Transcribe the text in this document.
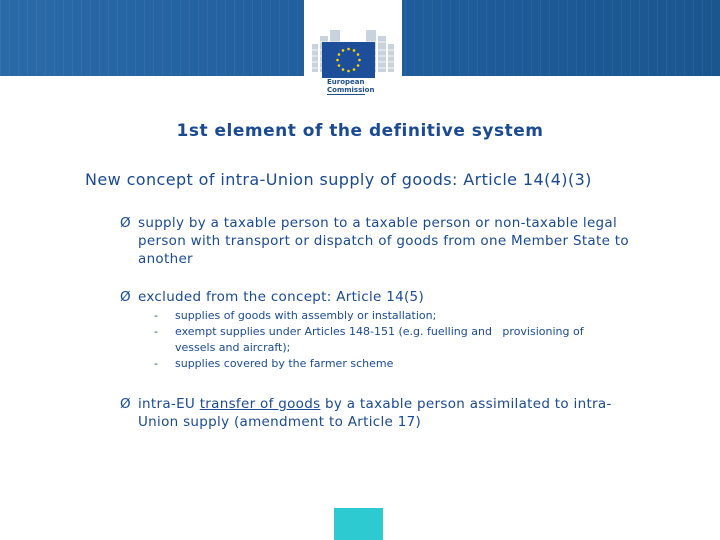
European
Commission
1st element of the definitive system
New concept of intra-Union supply of goods: Article 14(4)(3)
Ø supply by a taxable person to a taxable person or non-taxable legal
person with transport or dispatch of goods from one Member State to
another
Ø excluded from the concept: Article 14(5)
- supplies of goods with assembly or installation;
- exempt supplies under Articles 148-151 (e.g. fuelling and   provisioning of
vessels and aircraft);
- supplies covered by the farmer scheme
Ø intra-EU transfer of goods by a taxable person assimilated to intra-
Union supply (amendment to Article 17)
